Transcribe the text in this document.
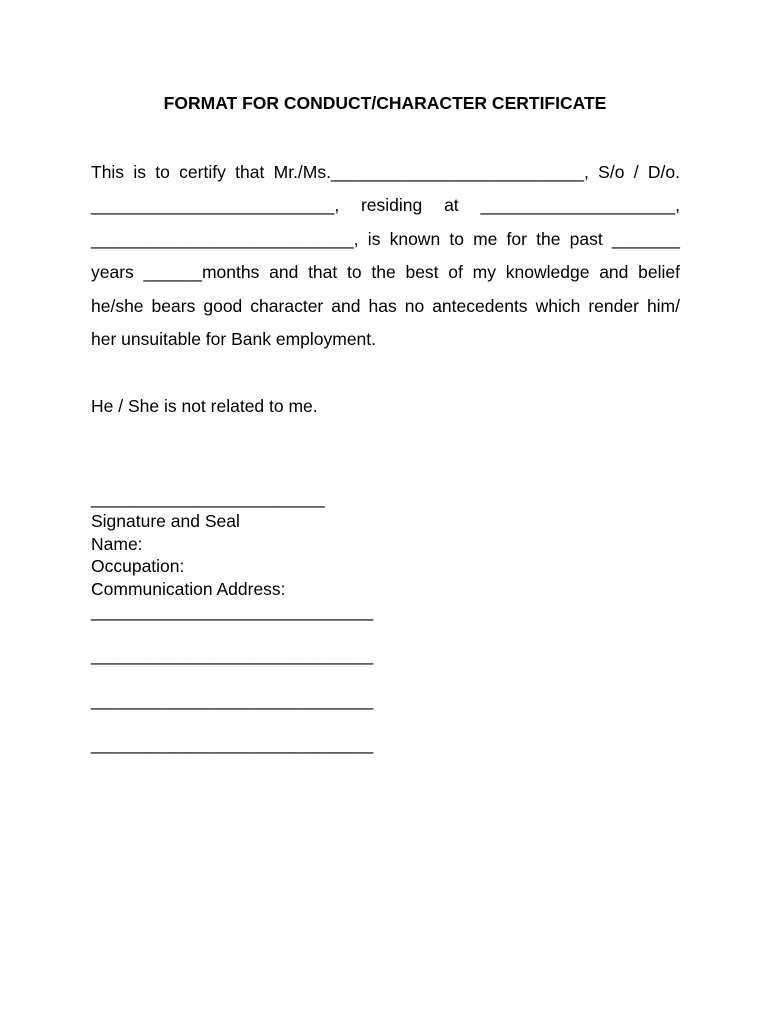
FORMAT FOR CONDUCT/CHARACTER CERTIFICATE
This is to certify that Mr./Ms.__________________________, S/o / D/o.
_________________________, residing at ____________________,
___________________________, is known to me for the past _______
years ______months and that to the best of my knowledge and belief
he/she bears good character and has no antecedents which render him/
her unsuitable for Bank employment.
He / She is not related to me.
________________________
Signature and Seal
Name:
Occupation:
Communication Address:
_____________________________
_____________________________
_____________________________
_____________________________
